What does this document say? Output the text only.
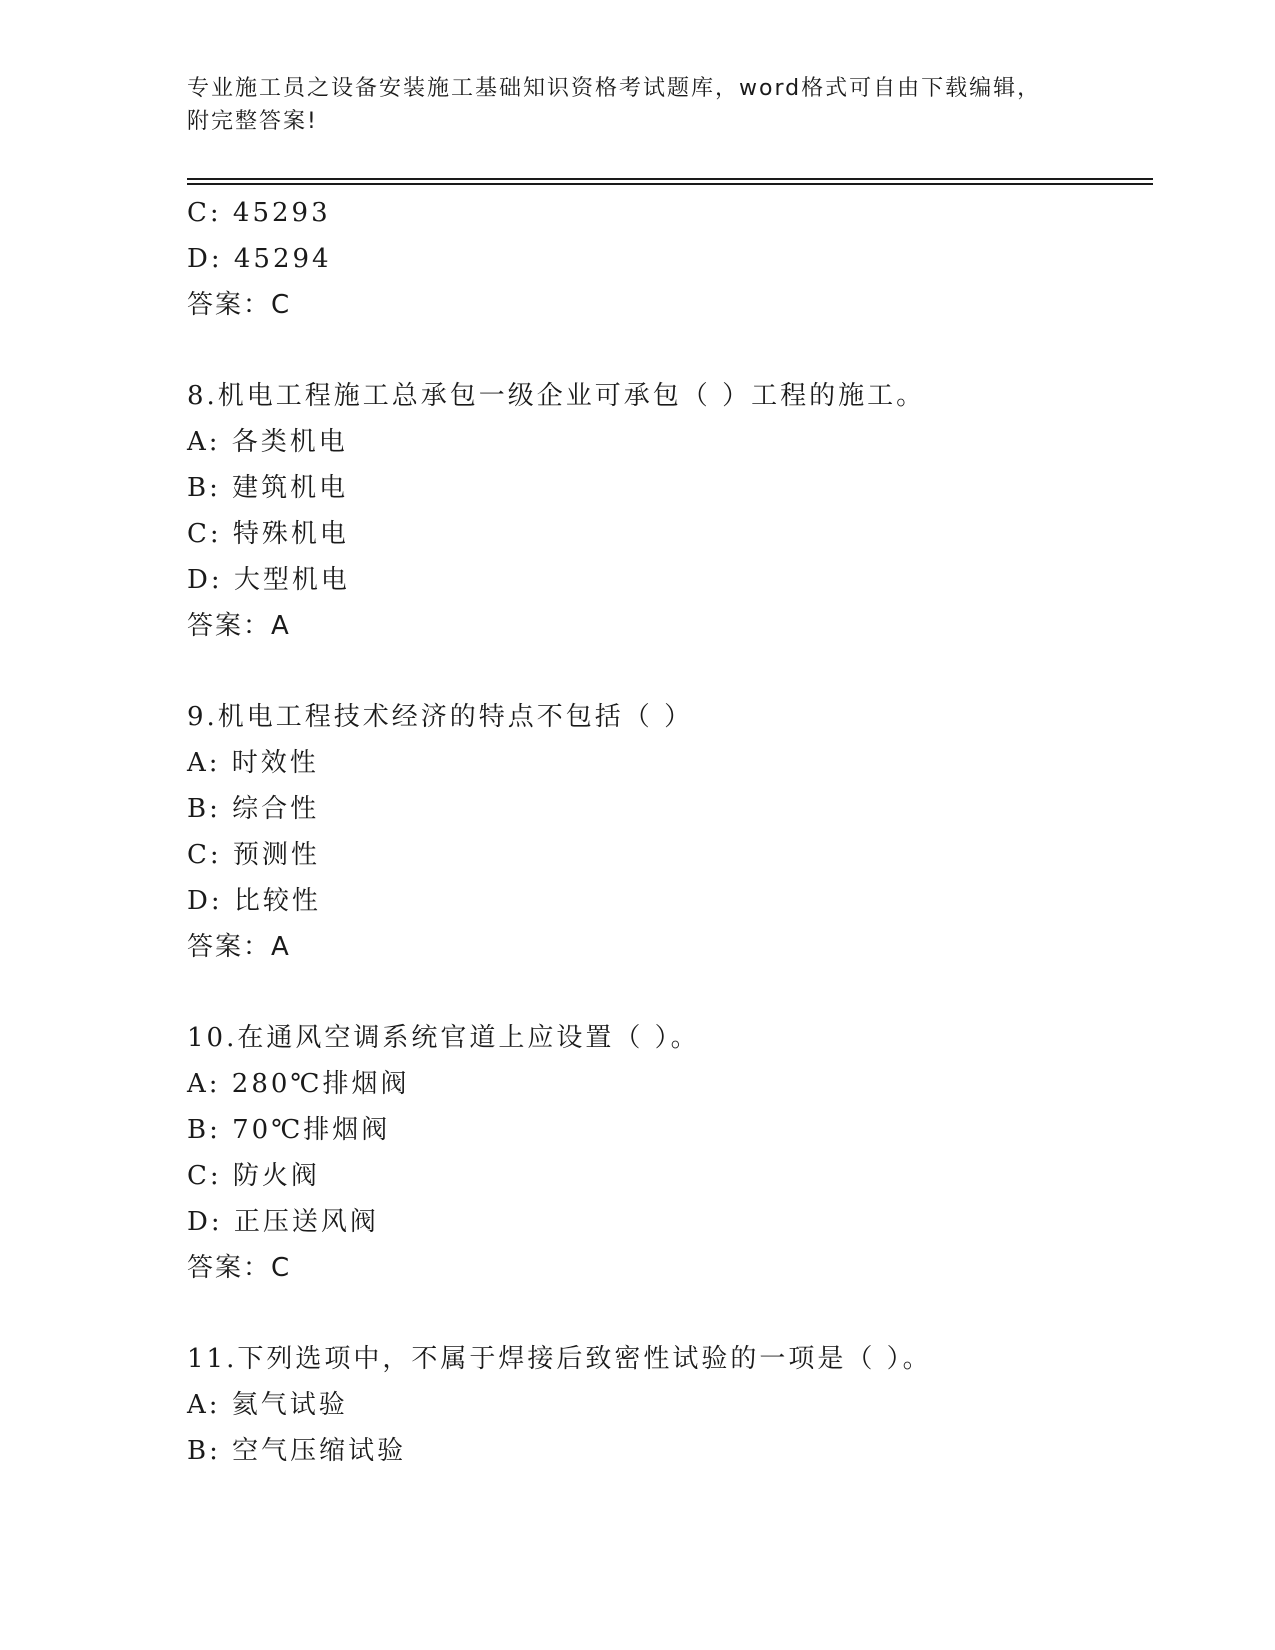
专业施工员之设备安装施工基础知识资格考试题库，word格式可自由下载编辑，
附完整答案!
C: 45293
D: 45294
答案：C
8.机电工程施工总承包一级企业可承包（ ）工程的施工。
A: 各类机电
B: 建筑机电
C: 特殊机电
D: 大型机电
答案：A
9.机电工程技术经济的特点不包括（ ）
A: 时效性
B: 综合性
C: 预测性
D: 比较性
答案：A
10.在通风空调系统官道上应设置（ ）。
A: 280℃排烟阀
B: 70℃排烟阀
C: 防火阀
D: 正压送风阀
答案：C
11.下列选项中，不属于焊接后致密性试验的一项是（ ）。
A: 氦气试验
B: 空气压缩试验
